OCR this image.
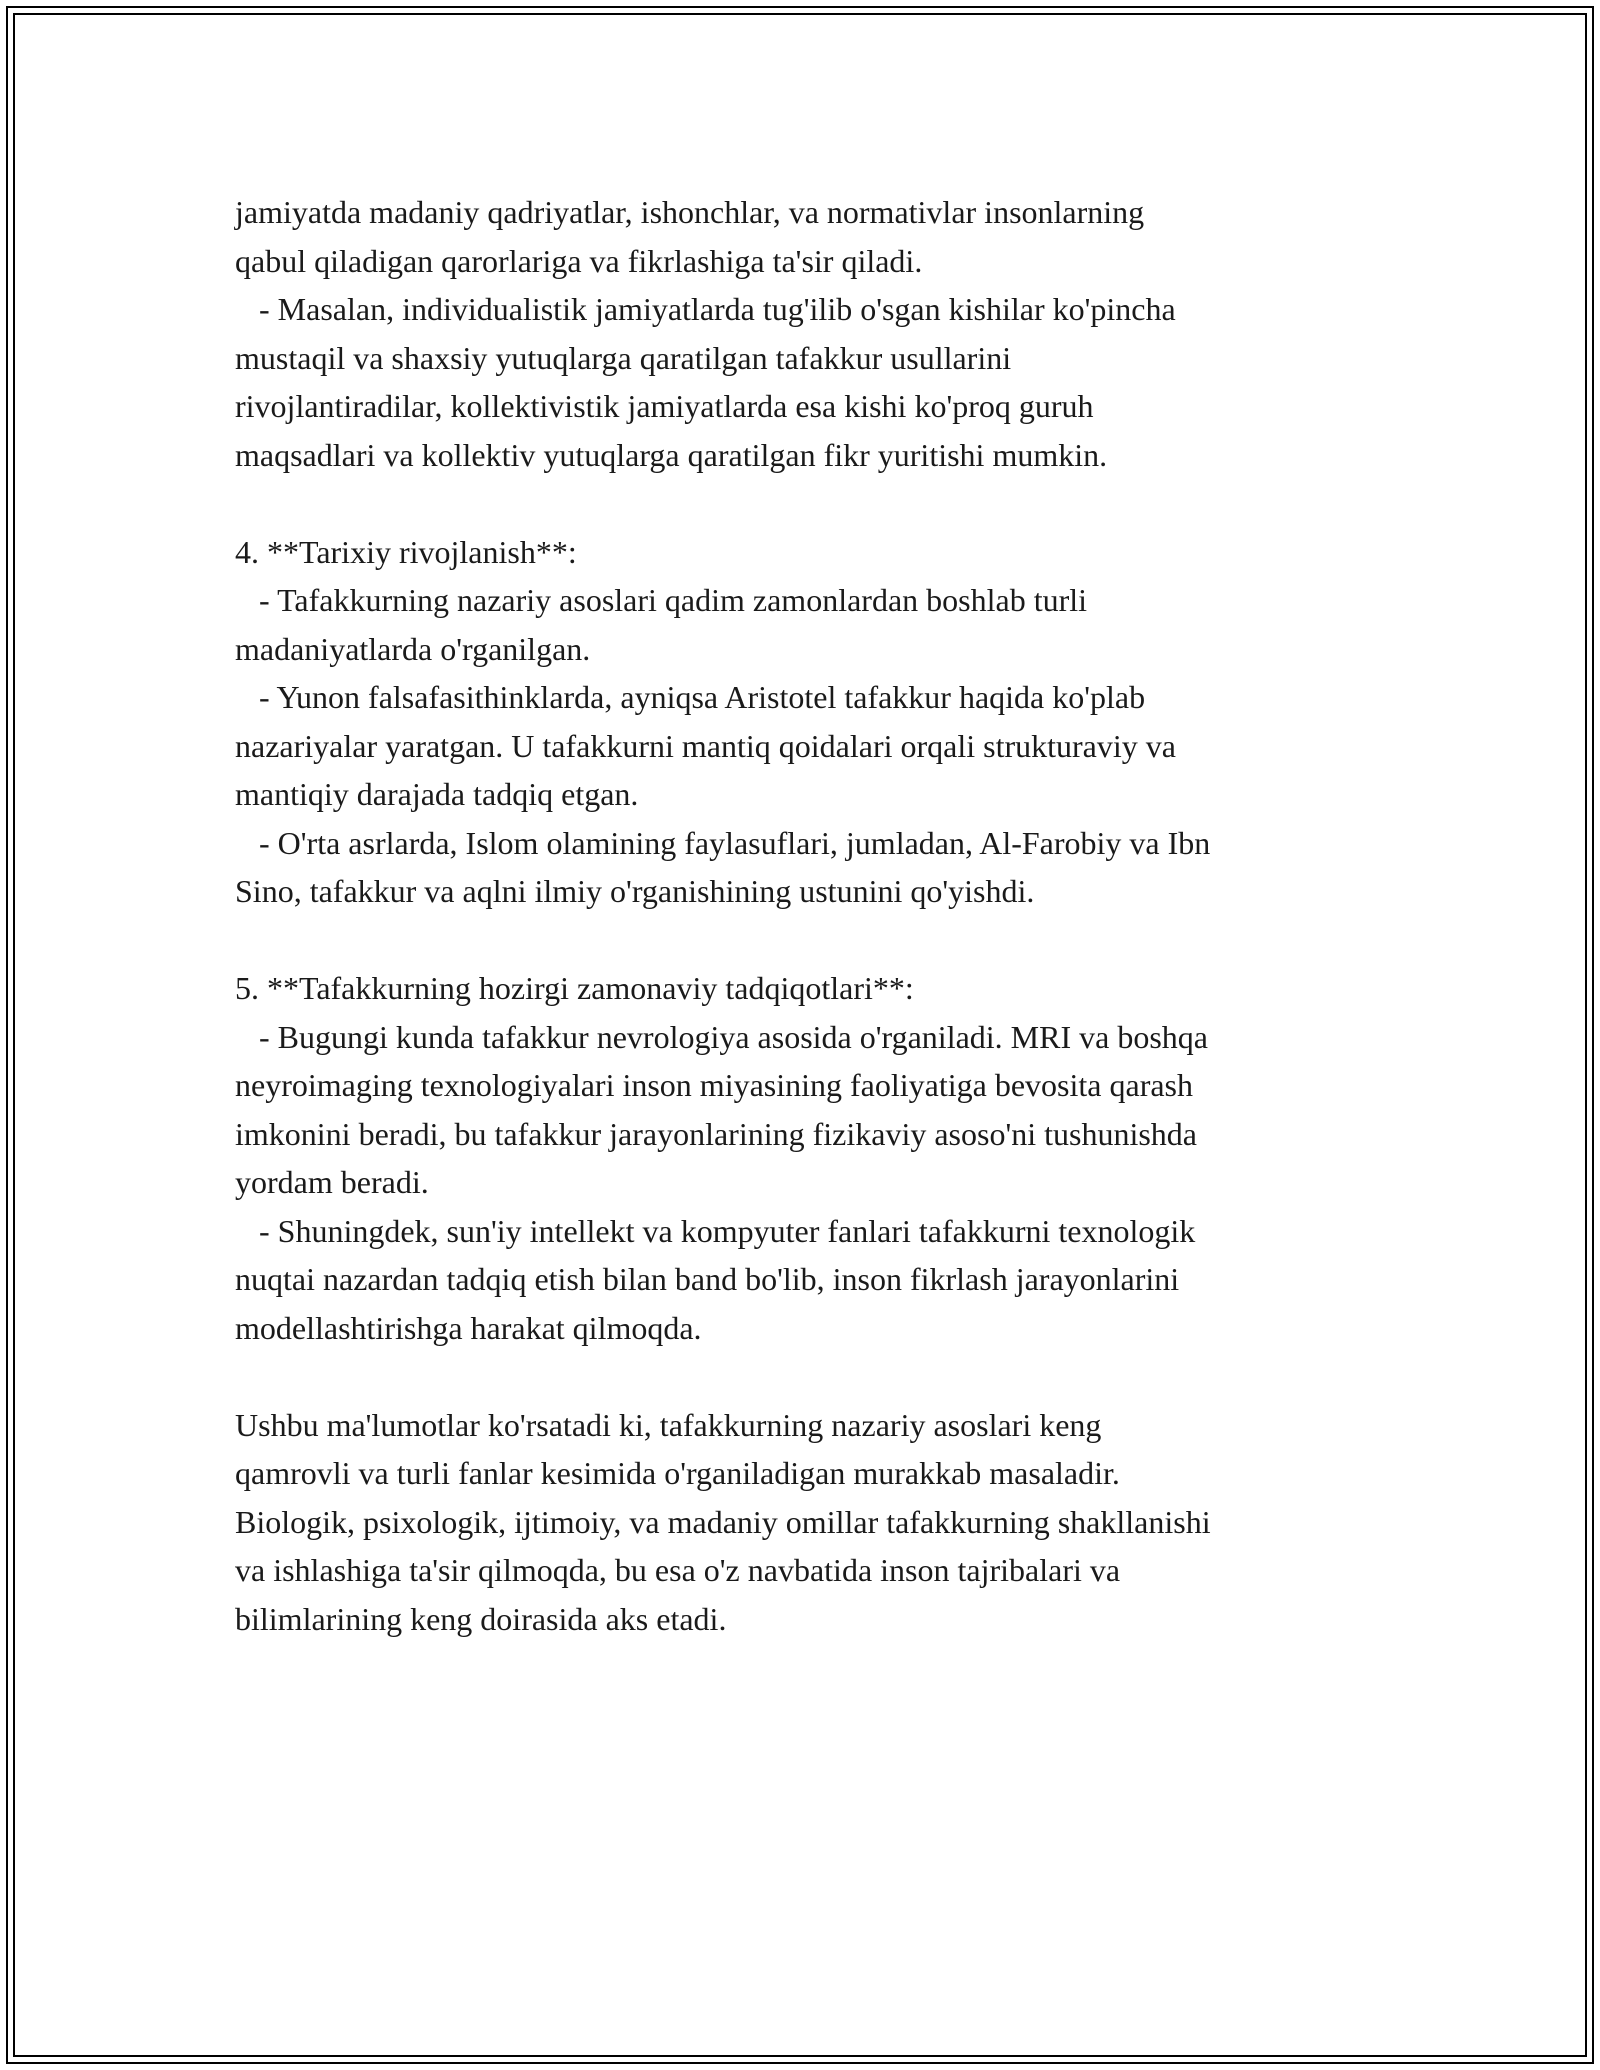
jamiyatda madaniy qadriyatlar, ishonchlar, va normativlar insonlarning
qabul qiladigan qarorlariga va fikrlashiga ta'sir qiladi.
- Masalan, individualistik jamiyatlarda tug'ilib o'sgan kishilar ko'pincha
mustaqil va shaxsiy yutuqlarga qaratilgan tafakkur usullarini
rivojlantiradilar, kollektivistik jamiyatlarda esa kishi ko'proq guruh
maqsadlari va kollektiv yutuqlarga qaratilgan fikr yuritishi mumkin.
4. **Tarixiy rivojlanish**:
- Tafakkurning nazariy asoslari qadim zamonlardan boshlab turli
madaniyatlarda o'rganilgan.
- Yunon falsafasithinklarda, ayniqsa Aristotel tafakkur haqida ko'plab
nazariyalar yaratgan. U tafakkurni mantiq qoidalari orqali strukturaviy va
mantiqiy darajada tadqiq etgan.
- O'rta asrlarda, Islom olamining faylasuflari, jumladan, Al-Farobiy va Ibn
Sino, tafakkur va aqlni ilmiy o'rganishining ustunini qo'yishdi.
5. **Tafakkurning hozirgi zamonaviy tadqiqotlari**:
- Bugungi kunda tafakkur nevrologiya asosida o'rganiladi. MRI va boshqa
neyroimaging texnologiyalari inson miyasining faoliyatiga bevosita qarash
imkonini beradi, bu tafakkur jarayonlarining fizikaviy asoso'ni tushunishda
yordam beradi.
- Shuningdek, sun'iy intellekt va kompyuter fanlari tafakkurni texnologik
nuqtai nazardan tadqiq etish bilan band bo'lib, inson fikrlash jarayonlarini
modellashtirishga harakat qilmoqda.
Ushbu ma'lumotlar ko'rsatadi ki, tafakkurning nazariy asoslari keng
qamrovli va turli fanlar kesimida o'rganiladigan murakkab masaladir.
Biologik, psixologik, ijtimoiy, va madaniy omillar tafakkurning shakllanishi
va ishlashiga ta'sir qilmoqda, bu esa o'z navbatida inson tajribalari va
bilimlarining keng doirasida aks etadi.
